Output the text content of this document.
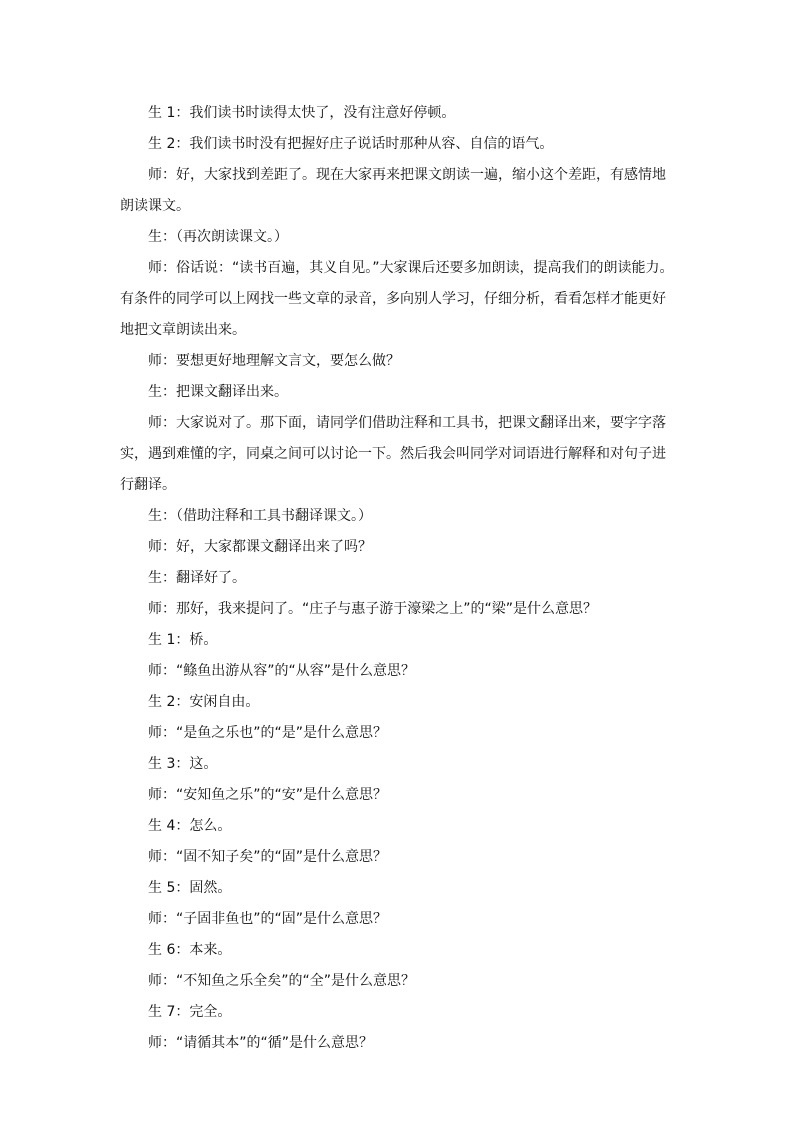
生 1：我们读书时读得太快了，没有注意好停顿。

生 2：我们读书时没有把握好庄子说话时那种从容、自信的语气。

师：好，大家找到差距了。现在大家再来把课文朗读一遍，缩小这个差距，有感情地朗读课文。

生：（再次朗读课文。）

师：俗话说：“读书百遍，其义自见。”大家课后还要多加朗读，提高我们的朗读能力。有条件的同学可以上网找一些文章的录音，多向别人学习，仔细分析，看看怎样才能更好地把文章朗读出来。

师：要想更好地理解文言文，要怎么做？

生：把课文翻译出来。

师：大家说对了。那下面，请同学们借助注释和工具书，把课文翻译出来，要字字落实，遇到难懂的字，同桌之间可以讨论一下。然后我会叫同学对词语进行解释和对句子进行翻译。

生：（借助注释和工具书翻译课文。）

师：好，大家都课文翻译出来了吗？

生：翻译好了。

师：那好，我来提问了。“庄子与惠子游于濠梁之上”的“梁”是什么意思？

生 1：桥。

师：“鲦鱼出游从容”的“从容”是什么意思？

生 2：安闲自由。

师：“是鱼之乐也”的“是”是什么意思？

生 3：这。

师：“安知鱼之乐”的“安”是什么意思？

生 4：怎么。

师：“固不知子矣”的“固”是什么意思？

生 5：固然。

师：“子固非鱼也”的“固”是什么意思？

生 6：本来。

师：“不知鱼之乐全矣”的“全”是什么意思？

生 7：完全。

师：“请循其本”的“循”是什么意思？
